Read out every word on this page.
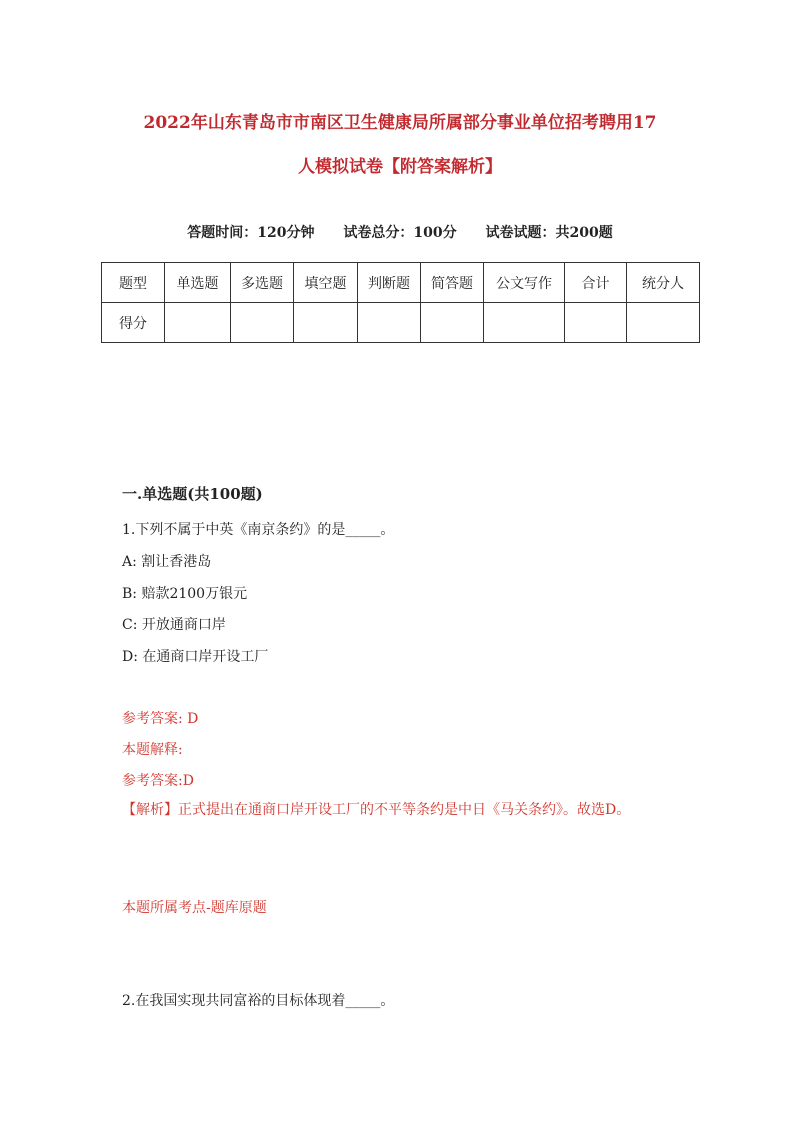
2022年山东青岛市市南区卫生健康局所属部分事业单位招考聘用17
人模拟试卷【附答案解析】
答题时间：120分钟 试卷总分：100分 试卷试题：共200题
题型	单选题	多选题	填空题	判断题	简答题	公文写作	合计	统分人
得分								
一.单选题(共100题)
1.下列不属于中英《南京条约》的是_____。
A: 割让香港岛
B: 赔款2100万银元
C: 开放通商口岸
D: 在通商口岸开设工厂
参考答案: D
本题解释:
参考答案:D
【解析】正式提出在通商口岸开设工厂的不平等条约是中日《马关条约》。故选D。
本题所属考点-题库原题
2.在我国实现共同富裕的目标体现着_____。
